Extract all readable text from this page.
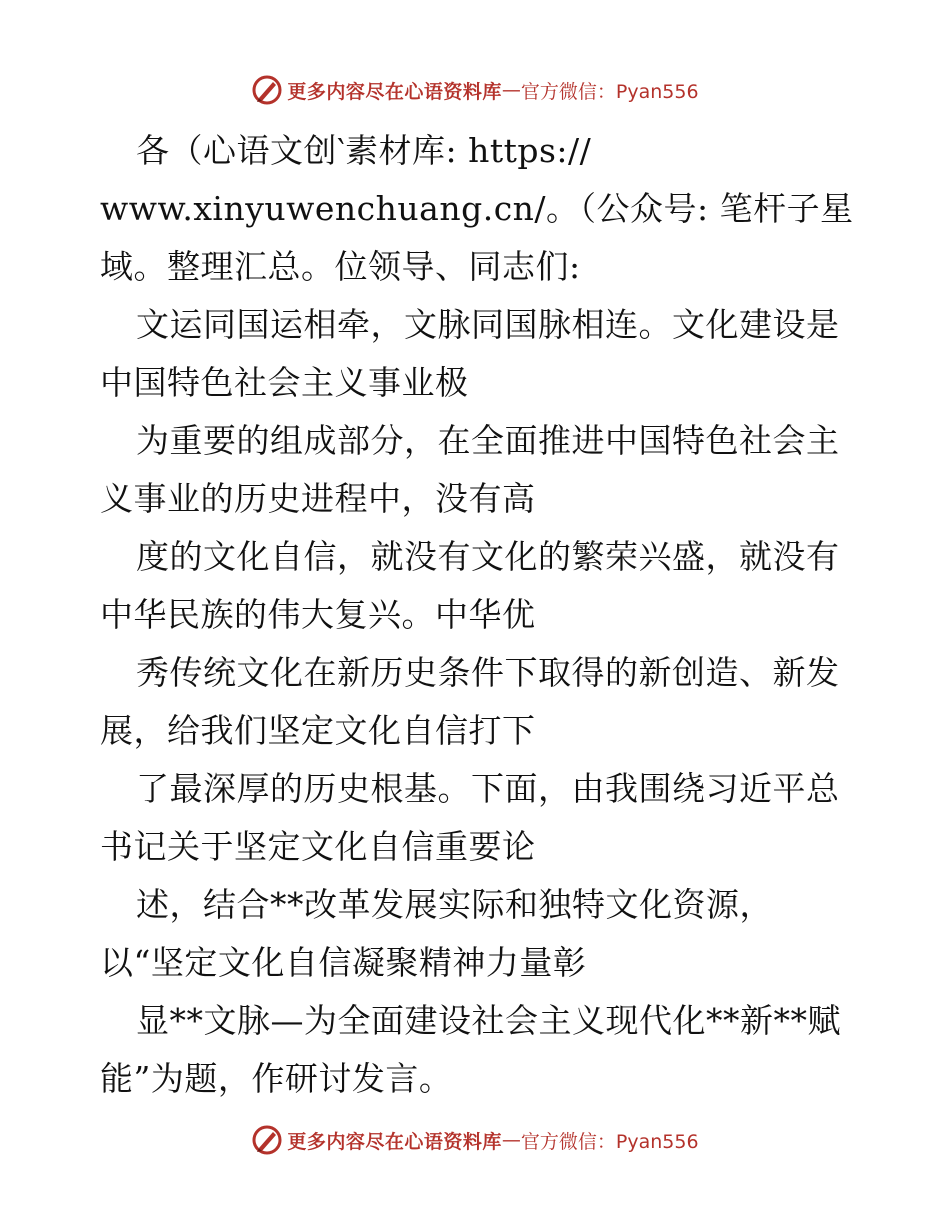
更多内容尽在心语资料库 — 官方微信：Pyan556
各（心语文创‵素材库: https://
www.xinyuwenchuang.cn/。（公众号: 笔杆子星
域。整理汇总。位领导、同志们:
文运同国运相牵，文脉同国脉相连。文化建设是
中国特色社会主义事业极
为重要的组成部分，在全面推进中国特色社会主
义事业的历史进程中，没有高
度的文化自信，就没有文化的繁荣兴盛，就没有
中华民族的伟大复兴。中华优
秀传统文化在新历史条件下取得的新创造、新发
展，给我们坚定文化自信打下
了最深厚的历史根基。下面，由我围绕习近平总
书记关于坚定文化自信重要论
述，结合**改革发展实际和独特文化资源，
以“坚定文化自信凝聚精神力量彰
显**文脉—为全面建设社会主义现代化**新**赋
能”为题，作研讨发言。
更多内容尽在心语资料库 — 官方微信：Pyan556
